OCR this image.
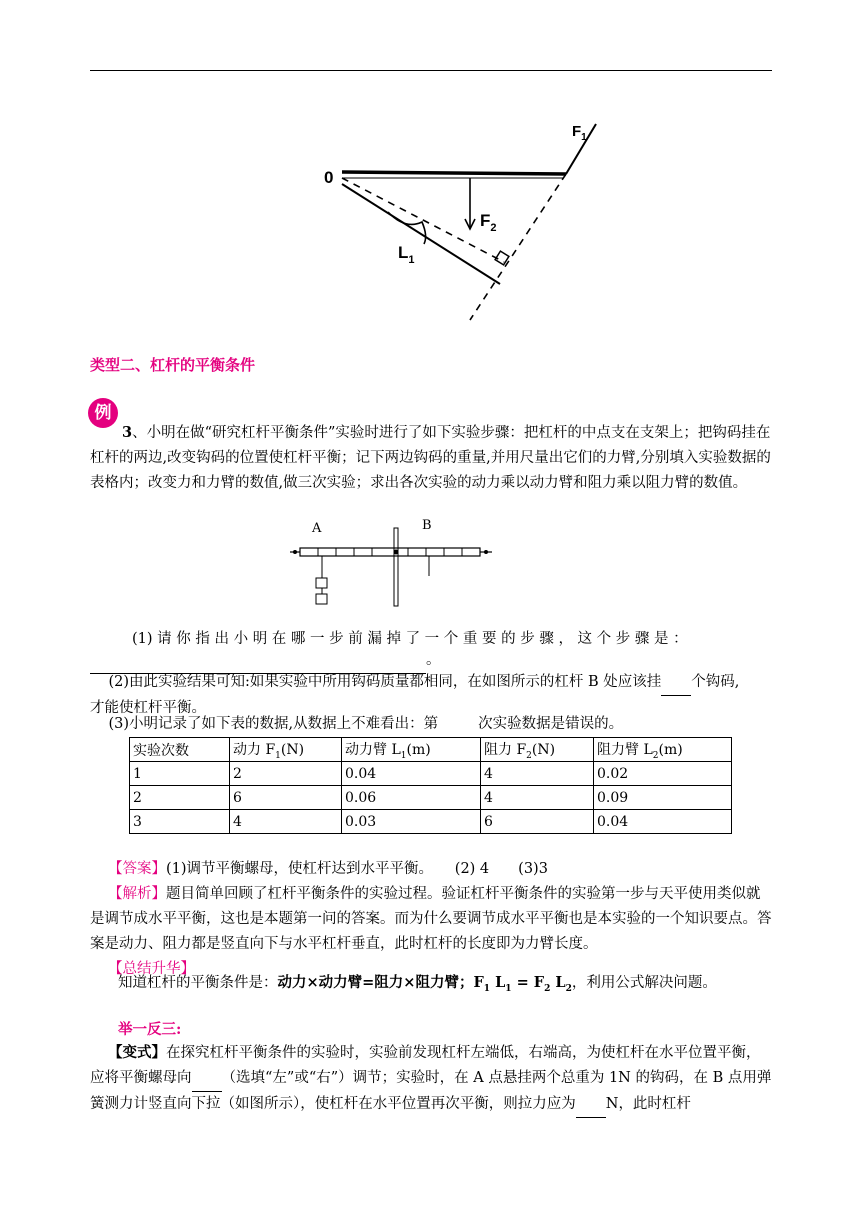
0
$F_1$
$F_2$
$L_1$
类型二、杠杆的平衡条件
例
3、小明在做“研究杠杆平衡条件”实验时进行了如下实验步骤：把杠杆的中点支在支架上；把钩码挂在杠杆的两边,改变钩码的位置使杠杆平衡；记下两边钩码的重量,并用尺量出它们的力臂,分别填入实验数据的表格内；改变力和力臂的数值,做三次实验；求出各次实验的动力乘以动力臂和阻力乘以阻力臂的数值。
A	B
(1) 请 你 指 出 小 明 在 哪 一 步 前 漏 掉 了 一 个 重 要 的 步 骤 ， 这 个 步 骤 是 ：
。
(2)由此实验结果可知:如果实验中所用钩码质量都相同，在如图所示的杠杆 B 处应该挂 个钩码,
才能使杠杆平衡。
(3)小明记录了如下表的数据,从数据上不难看出：第	次实验数据是错误的。
实验次数	动力 $F_1(N)$	动力臂 $L_1(m)$	阻力 $F_2(N)$	阻力臂 $L_2(m)$
1	2	0.04	4	0.02
2	6	0.06	4	0.09
3	4	0.03	6	0.04
【答案】(1)调节平衡螺母，使杠杆达到水平平衡。　　(2) 4　　(3)3
【解析】题目简单回顾了杠杆平衡条件的实验过程。验证杠杆平衡条件的实验第一步与天平使用类似就是调节成水平平衡，这也是本题第一问的答案。而为什么要调节成水平平衡也是本实验的一个知识要点。答案是动力、阻力都是竖直向下与水平杠杆垂直，此时杠杆的长度即为力臂长度。
【总结升华】
知道杠杆的平衡条件是：动力×动力臂=阻力×阻力臂；$F_1$ $L_1 = F_2$ $L_2$，利用公式解决问题。
举一反三:
【变式】在探究杠杆平衡条件的实验时，实验前发现杠杆左端低，右端高，为使杠杆在水平位置平衡，应将平衡螺母向 （选填“左”或“右”）调节；实验时，在 A 点悬挂两个总重为 1N 的钩码，在 B 点用弹簧测力计竖直向下拉（如图所示），使杠杆在水平位置再次平衡，则拉力应为 N，此时杠杆
